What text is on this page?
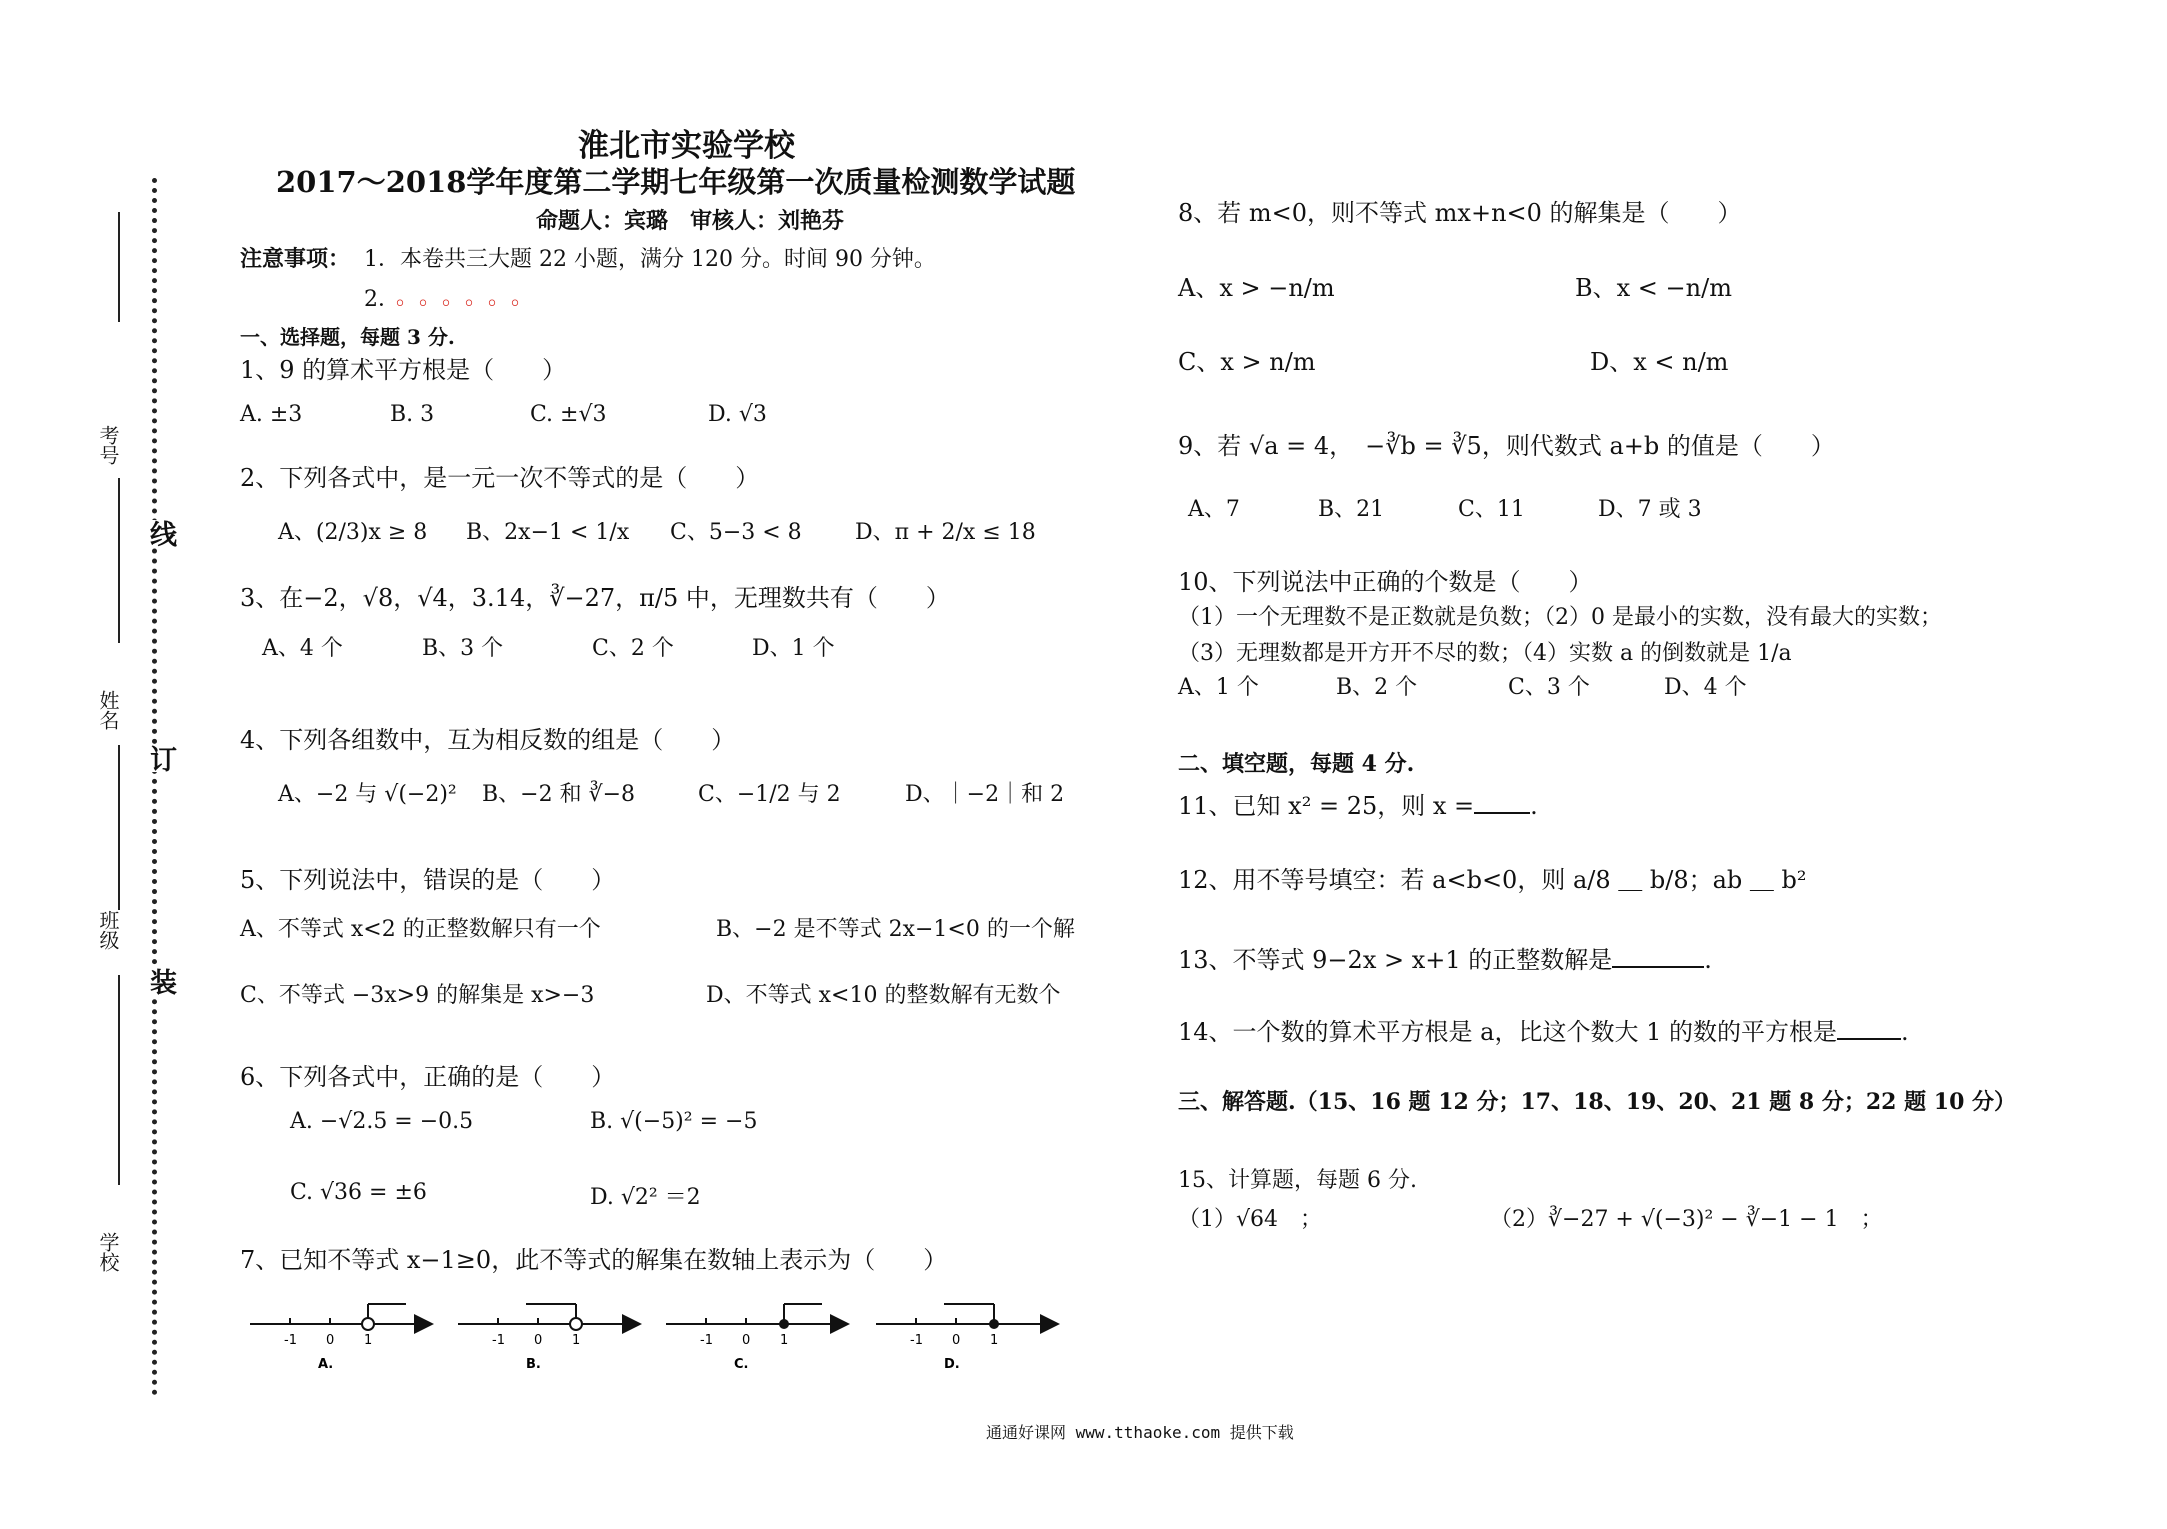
考号
姓名
班级
学校
线
订
装
淮北市实验学校
2017～2018学年度第二学期七年级第一次质量检测数学试题
命题人：宾璐　审核人：刘艳芬
注意事项： 1．本卷共三大题 22 小题，满分 120 分。时间 90 分钟。
2．
。。。。。。
一、选择题，每题 3 分.
1、9 的算术平方根是（　　）
A. ±3	B. 3	C. ±√3	D. √3
2、下列各式中，是一元一次不等式的是（　　）
A、(2/3)x ≥ 8 B、2x−1 < 1/x C、5−3 < 8 D、π + 2/x ≤ 18
3、在−2，√8，√4，3.14，∛−27，π/5 中，无理数共有（　　）
A、4 个	B、3 个	C、2 个	D、1 个
4、下列各组数中，互为相反数的组是（　　）
A、−2 与 √(−2)² B、−2 和 ∛−8	C、−1/2 与 2	D、｜−2｜和 2
5、下列说法中，错误的是（　　）
A、不等式 x<2 的正整数解只有一个	B、−2 是不等式 2x−1<0 的一个解
C、不等式 −3x>9 的解集是 x>−3	D、不等式 x<10 的整数解有无数个
6、下列各式中，正确的是（　　）
A. −√2.5 = −0.5	B. √(−5)² = −5
C. √36 = ±6	D. √2² ＝2
7、已知不等式 x−1≥0，此不等式的解集在数轴上表示为（　　）
-1 0 1
A.
-1 0 1
B.
-1 0 1
C.
-1 0 1
D.
8、若 m<0，则不等式 mx+n<0 的解集是（　　）
A、x > −n/m	B、x < −n/m
C、x > n/m	D、x < n/m
9、若 √a = 4，　−∛b = ∛5，则代数式 a+b 的值是（　　）
A、7	B、21	C、11	D、7 或 3
10、下列说法中正确的个数是（　　）
（1）一个无理数不是正数就是负数；（2）0 是最小的实数，没有最大的实数；
（3）无理数都是开方开不尽的数；（4）实数 a 的倒数就是 1/a
A、1 个	B、2 个	C、3 个	D、4 个
二、填空题，每题 4 分.
11、已知 x² = 25，则 x = .
12、用不等号填空：若 a<b<0，则 a/8 ＿ b/8；ab ＿ b²
13、不等式 9−2x > x+1 的正整数解是	.
14、一个数的算术平方根是 a，比这个数大 1 的数的平方根是	.
三、解答题.（15、16 题 12 分；17、18、19、20、21 题 8 分；22 题 10 分）
15、计算题，每题 6 分.
（1）√64　；	（2）∛−27 + √(−3)² − ∛−1 − 1　；
通通好课网 www.tthaoke.com 提供下载
